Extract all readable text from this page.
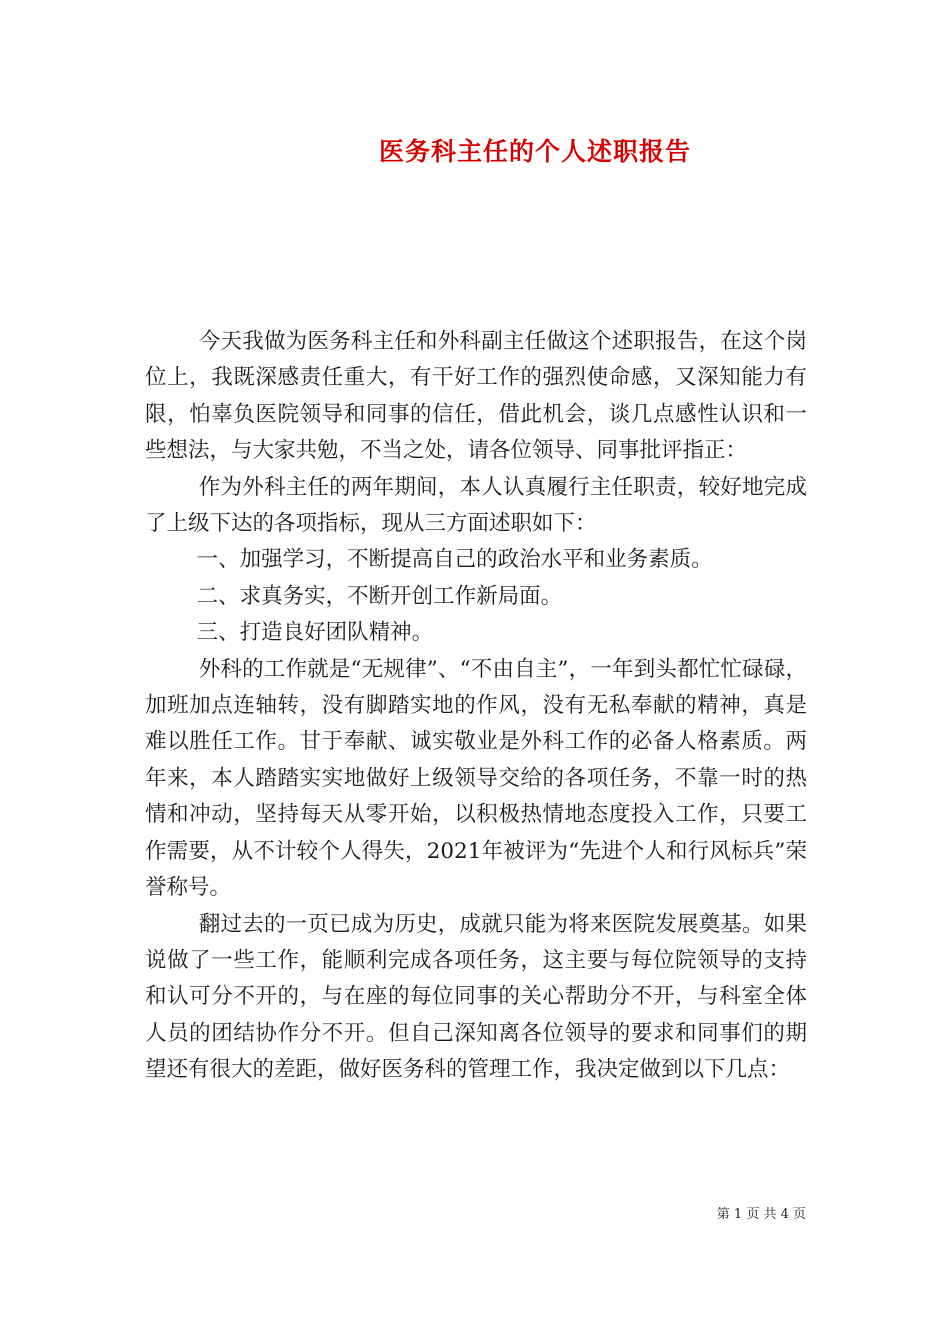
医务科主任的个人述职报告

今天我做为医务科主任和外科副主任做这个述职报告，在这个岗位上，我既深感责任重大，有干好工作的强烈使命感，又深知能力有限，怕辜负医院领导和同事的信任，借此机会，谈几点感性认识和一些想法，与大家共勉，不当之处，请各位领导、同事批评指正：

作为外科主任的两年期间，本人认真履行主任职责，较好地完成了上级下达的各项指标，现从三方面述职如下：

一、加强学习，不断提高自己的政治水平和业务素质。

二、求真务实，不断开创工作新局面。

三、打造良好团队精神。

外科的工作就是“无规律”、“不由自主”，一年到头都忙忙碌碌，加班加点连轴转，没有脚踏实地的作风，没有无私奉献的精神，真是难以胜任工作。甘于奉献、诚实敬业是外科工作的必备人格素质。两年来，本人踏踏实实地做好上级领导交给的各项任务，不靠一时的热情和冲动，坚持每天从零开始，以积极热情地态度投入工作，只要工作需要，从不计较个人得失，2021年被评为“先进个人和行风标兵”荣誉称号。

翻过去的一页已成为历史，成就只能为将来医院发展奠基。如果说做了一些工作，能顺利完成各项任务，这主要与每位院领导的支持和认可分不开的，与在座的每位同事的关心帮助分不开，与科室全体人员的团结协作分不开。但自己深知离各位领导的要求和同事们的期望还有很大的差距，做好医务科的管理工作，我决定做到以下几点：

第 1 页 共 4 页
